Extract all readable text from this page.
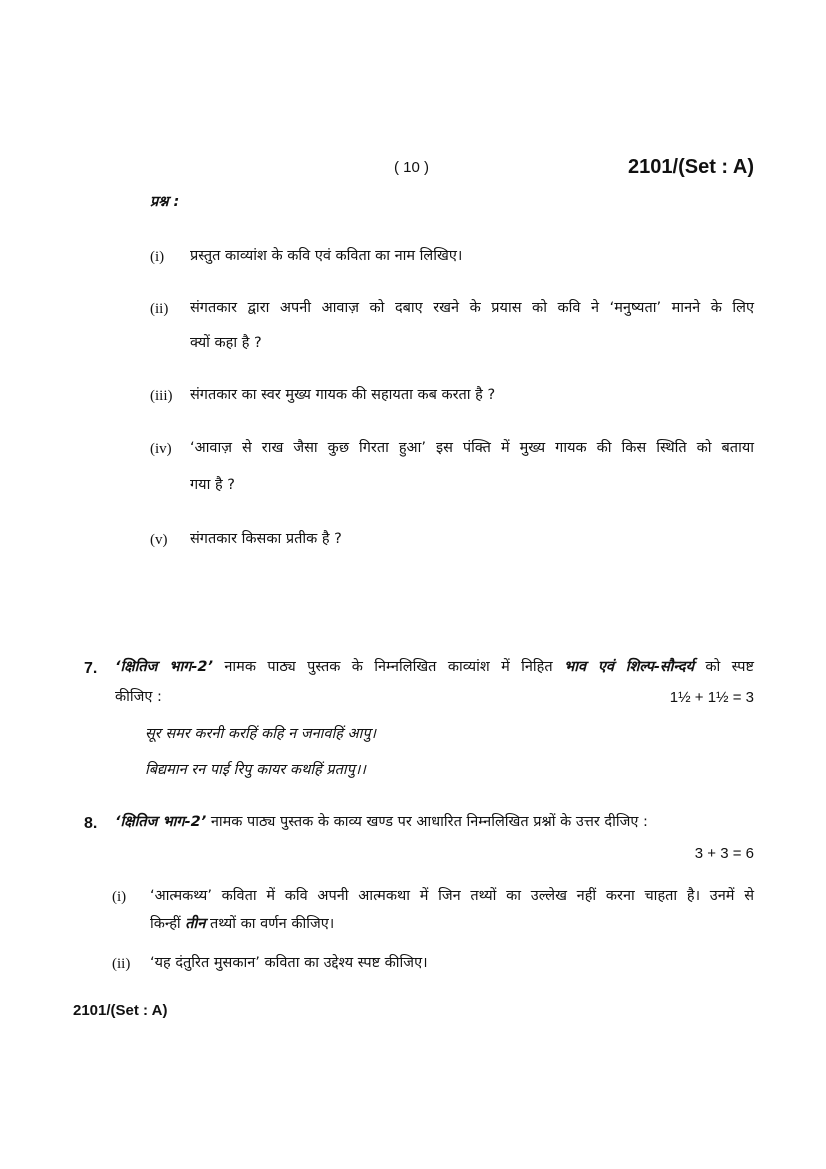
( 10 )	2101/(Set : A)
प्रश्न :
(i) प्रस्तुत काव्यांश के कवि एवं कविता का नाम लिखिए।
(ii) संगतकार द्वारा अपनी आवाज़ को दबाए रखने के प्रयास को कवि ने ‘मनुष्यता’ मानने के लिए
क्यों कहा है ?
(iii) संगतकार का स्वर मुख्य गायक की सहायता कब करता है ?
(iv) ‘आवाज़ से राख जैसा कुछ गिरता हुआ’ इस पंक्ति में मुख्य गायक की किस स्थिति को बताया
गया है ?
(v) संगतकार किसका प्रतीक है ?
7. ‘क्षितिज भाग-2’ नामक पाठ्य पुस्तक के निम्नलिखित काव्यांश में निहित भाव एवं शिल्प-सौन्दर्य को स्पष्ट
कीजिए :	1½ + 1½ = 3
सूर समर करनी करहिं कहि न जनावहिं आपु।
बिद्यमान रन पाई रिपु कायर कथहिं प्रतापु।।
8. ‘क्षितिज भाग-2’ नामक पाठ्य पुस्तक के काव्य खण्ड पर आधारित निम्नलिखित प्रश्नों के उत्तर दीजिए :
3 + 3 = 6
(i) ‘आत्मकथ्य’ कविता में कवि अपनी आत्मकथा में जिन तथ्यों का उल्लेख नहीं करना चाहता है। उनमें से
किन्हीं तीन तथ्यों का वर्णन कीजिए।
(ii) ‘यह दंतुरित मुसकान’ कविता का उद्देश्य स्पष्ट कीजिए।
2101/(Set : A)
